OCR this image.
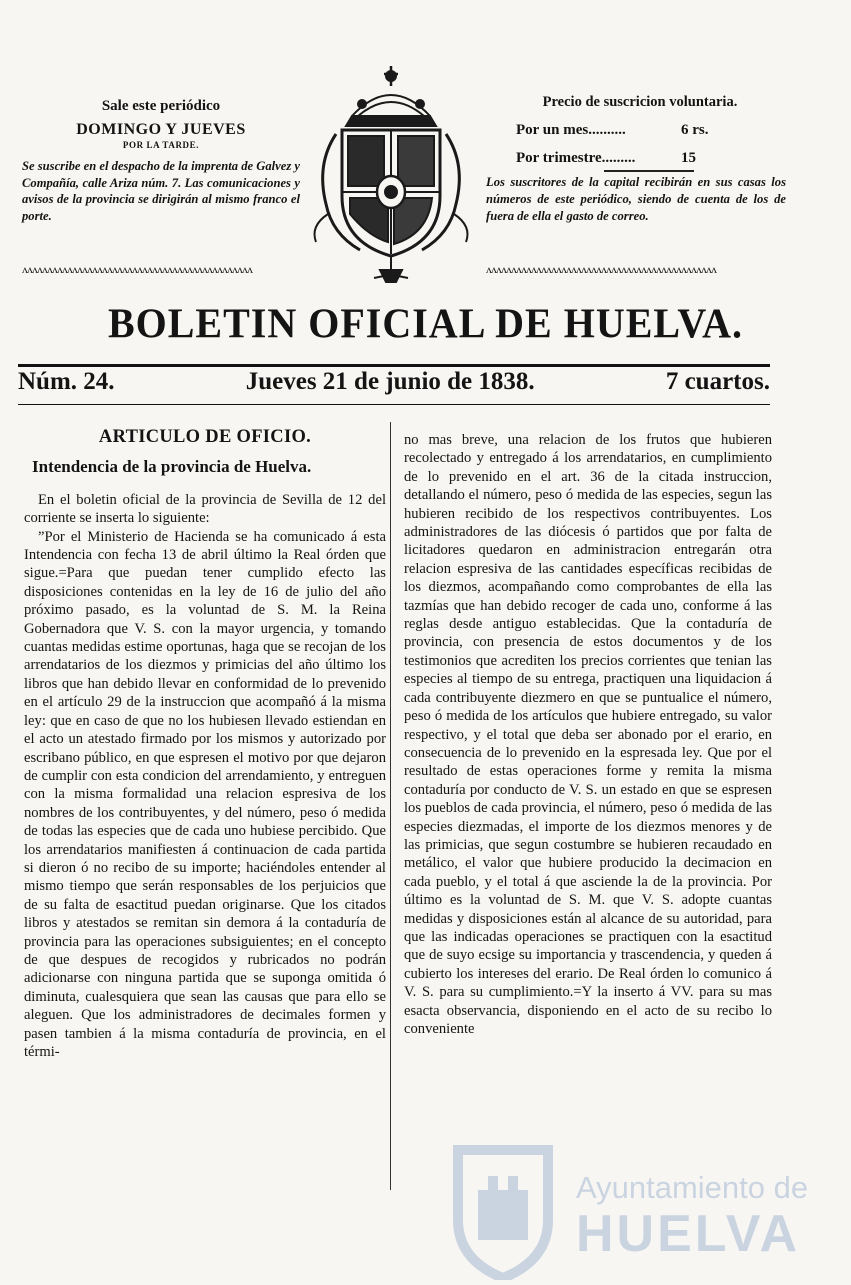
Sale este periódico
DOMINGO Y JUEVES
POR LA TARDE.
Se suscribe en el despacho de la imprenta de Galvez y Compañía, calle Ariza núm. 7. Las comunicaciones y avisos de la provincia se dirigirán al mismo franco el porte.
ʌʌʌʌʌʌʌʌʌʌʌʌʌʌʌʌʌʌʌʌʌʌʌʌʌʌʌʌʌʌʌʌʌʌʌʌʌʌʌʌʌʌʌʌʌʌ
Precio de suscricion voluntaria.
Por un mes..........	6 rs.
Por trimestre.........	15
Los suscritores de la capital recibirán en sus casas los números de este periódico, siendo de cuenta de los de fuera de ella el gasto de correo.
ʌʌʌʌʌʌʌʌʌʌʌʌʌʌʌʌʌʌʌʌʌʌʌʌʌʌʌʌʌʌʌʌʌʌʌʌʌʌʌʌʌʌʌʌʌʌ
BOLETIN OFICIAL DE HUELVA.
Núm. 24.	Jueves 21 de junio de 1838.	7 cuartos.
ARTICULO DE OFICIO.
Intendencia de la provincia de Huelva.

En el boletin oficial de la provincia de Sevilla de 12 del corriente se inserta lo siguiente:

”Por el Ministerio de Hacienda se ha comunicado á esta Intendencia con fecha 13 de abril último la Real órden que sigue.=Para que puedan tener cumplido efecto las disposiciones contenidas en la ley de 16 de julio del año próximo pasado, es la voluntad de S. M. la Reina Gobernadora que V. S. con la mayor urgencia, y tomando cuantas medidas estime oportunas, haga que se recojan de los arrendatarios de los diezmos y primicias del año último los libros que han debido llevar en conformidad de lo prevenido en el artículo 29 de la instruccion que acompañó á la misma ley: que en caso de que no los hubiesen llevado estiendan en el acto un atestado firmado por los mismos y autorizado por escribano público, en que espresen el motivo por que dejaron de cumplir con esta condicion del arrendamiento, y entreguen con la misma formalidad una relacion espresiva de los nombres de los contribuyentes, y del número, peso ó medida de todas las especies que de cada uno hubiese percibido. Que los arrendatarios manifiesten á continuacion de cada partida si dieron ó no recibo de su importe; haciéndoles entender al mismo tiempo que serán responsables de los perjuicios que de su falta de esactitud puedan originarse. Que los citados libros y atestados se remitan sin demora á la contaduría de provincia para las operaciones subsiguientes; en el concepto de que despues de recogidos y rubricados no podrán adicionarse con ninguna partida que se suponga omitida ó diminuta, cualesquiera que sean las causas que para ello se aleguen. Que los administradores de decimales formen y pasen tambien á la misma contaduría de provincia, en el térmi-

no mas breve, una relacion de los frutos que hubieren recolectado y entregado á los arrendatarios, en cumplimiento de lo prevenido en el art. 36 de la citada instruccion, detallando el número, peso ó medida de las especies, segun las hubieren recibido de los respectivos contribuyentes. Los administradores de las diócesis ó partidos que por falta de licitadores quedaron en administracion entregarán otra relacion espresiva de las cantidades específicas recibidas de los diezmos, acompañando como comprobantes de ella las tazmías que han debido recoger de cada uno, conforme á las reglas desde antiguo establecidas. Que la contaduría de provincia, con presencia de estos documentos y de los testimonios que acrediten los precios corrientes que tenian las especies al tiempo de su entrega, practiquen una liquidacion á cada contribuyente diezmero en que se puntualice el número, peso ó medida de los artículos que hubiere entregado, su valor respectivo, y el total que deba ser abonado por el erario, en consecuencia de lo prevenido en la espresada ley. Que por el resultado de estas operaciones forme y remita la misma contaduría por conducto de V. S. un estado en que se espresen los pueblos de cada provincia, el número, peso ó medida de las especies diezmadas, el importe de los diezmos menores y de las primicias, que segun costumbre se hubieren recaudado en metálico, el valor que hubiere producido la decimacion en cada pueblo, y el total á que asciende la de la provincia. Por último es la voluntad de S. M. que V. S. adopte cuantas medidas y disposiciones están al alcance de su autoridad, para que las indicadas operaciones se practiquen con la esactitud que de suyo ecsige su importancia y trascendencia, y queden á cubierto los intereses del erario. De Real órden lo comunico á V. S. para su cumplimiento.=Y la inserto á VV. para su mas esacta observancia, disponiendo en el acto de su recibo lo conveniente

Ayuntamiento de
HUELVA
